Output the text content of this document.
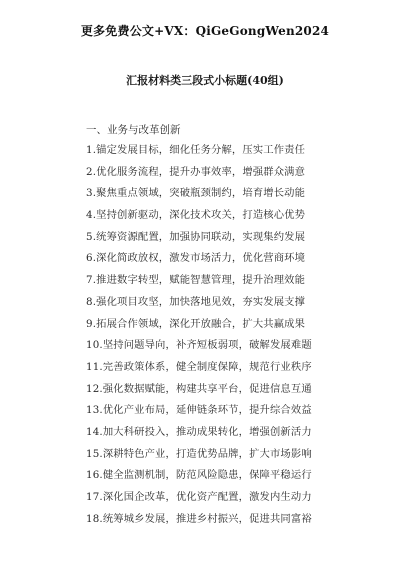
更多免费公文+VX：QiGeGongWen2024
汇报材料类三段式小标题(40组)
一、业务与改革创新
1.锚定发展目标，细化任务分解，压实工作责任
2.优化服务流程，提升办事效率，增强群众满意
3.聚焦重点领域，突破瓶颈制约，培育增长动能
4.坚持创新驱动，深化技术攻关，打造核心优势
5.统筹资源配置，加强协同联动，实现集约发展
6.深化简政放权，激发市场活力，优化营商环境
7.推进数字转型，赋能智慧管理，提升治理效能
8.强化项目攻坚，加快落地见效，夯实发展支撑
9.拓展合作领域，深化开放融合，扩大共赢成果
10.坚持问题导向，补齐短板弱项，破解发展难题
11.完善政策体系，健全制度保障，规范行业秩序
12.强化数据赋能，构建共享平台，促进信息互通
13.优化产业布局，延伸链条环节，提升综合效益
14.加大科研投入，推动成果转化，增强创新活力
15.深耕特色产业，打造优势品牌，扩大市场影响
16.健全监测机制，防范风险隐患，保障平稳运行
17.深化国企改革，优化资产配置，激发内生动力
18.统筹城乡发展，推进乡村振兴，促进共同富裕
